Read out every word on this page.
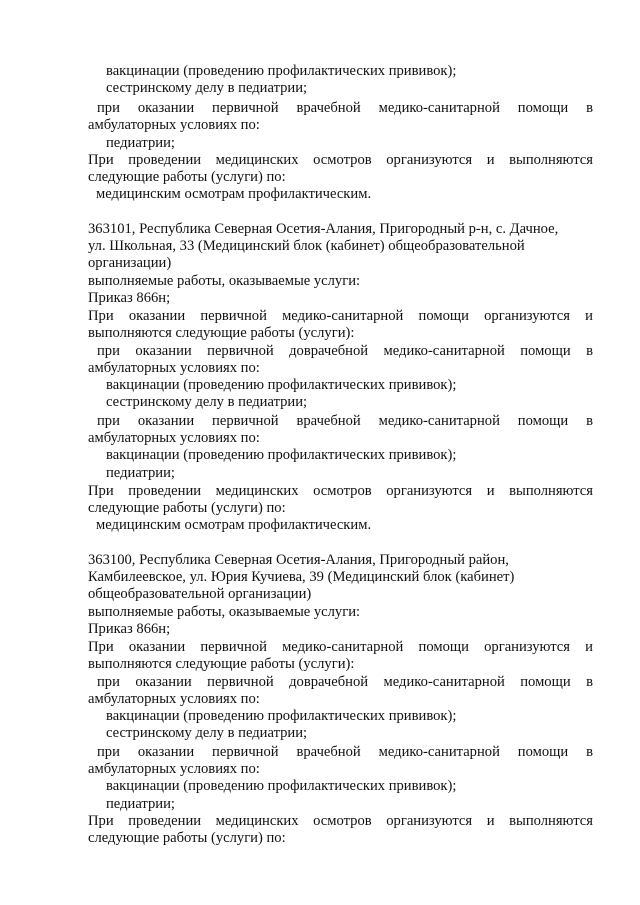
вакцинации (проведению профилактических прививок);
сестринскому делу в педиатрии;
при оказании первичной врачебной медико-санитарной помощи в
амбулаторных условиях по:
педиатрии;
При проведении медицинских осмотров организуются и выполняются
следующие работы (услуги) по:
медицинским осмотрам профилактическим.
363101, Республика Северная Осетия-Алания, Пригородный р-н, с. Дачное,
ул. Школьная, 33 (Медицинский блок (кабинет) общеобразовательной
организации)
выполняемые работы, оказываемые услуги:
Приказ 866н;
При оказании первичной медико-санитарной помощи организуются и
выполняются следующие работы (услуги):
при оказании первичной доврачебной медико-санитарной помощи в
амбулаторных условиях по:
вакцинации (проведению профилактических прививок);
сестринскому делу в педиатрии;
при оказании первичной врачебной медико-санитарной помощи в
амбулаторных условиях по:
вакцинации (проведению профилактических прививок);
педиатрии;
При проведении медицинских осмотров организуются и выполняются
следующие работы (услуги) по:
медицинским осмотрам профилактическим.
363100, Республика Северная Осетия-Алания, Пригородный район,
Камбилеевское, ул. Юрия Кучиева, 39 (Медицинский блок (кабинет)
общеобразовательной организации)
выполняемые работы, оказываемые услуги:
Приказ 866н;
При оказании первичной медико-санитарной помощи организуются и
выполняются следующие работы (услуги):
при оказании первичной доврачебной медико-санитарной помощи в
амбулаторных условиях по:
вакцинации (проведению профилактических прививок);
сестринскому делу в педиатрии;
при оказании первичной врачебной медико-санитарной помощи в
амбулаторных условиях по:
вакцинации (проведению профилактических прививок);
педиатрии;
При проведении медицинских осмотров организуются и выполняются
следующие работы (услуги) по:
